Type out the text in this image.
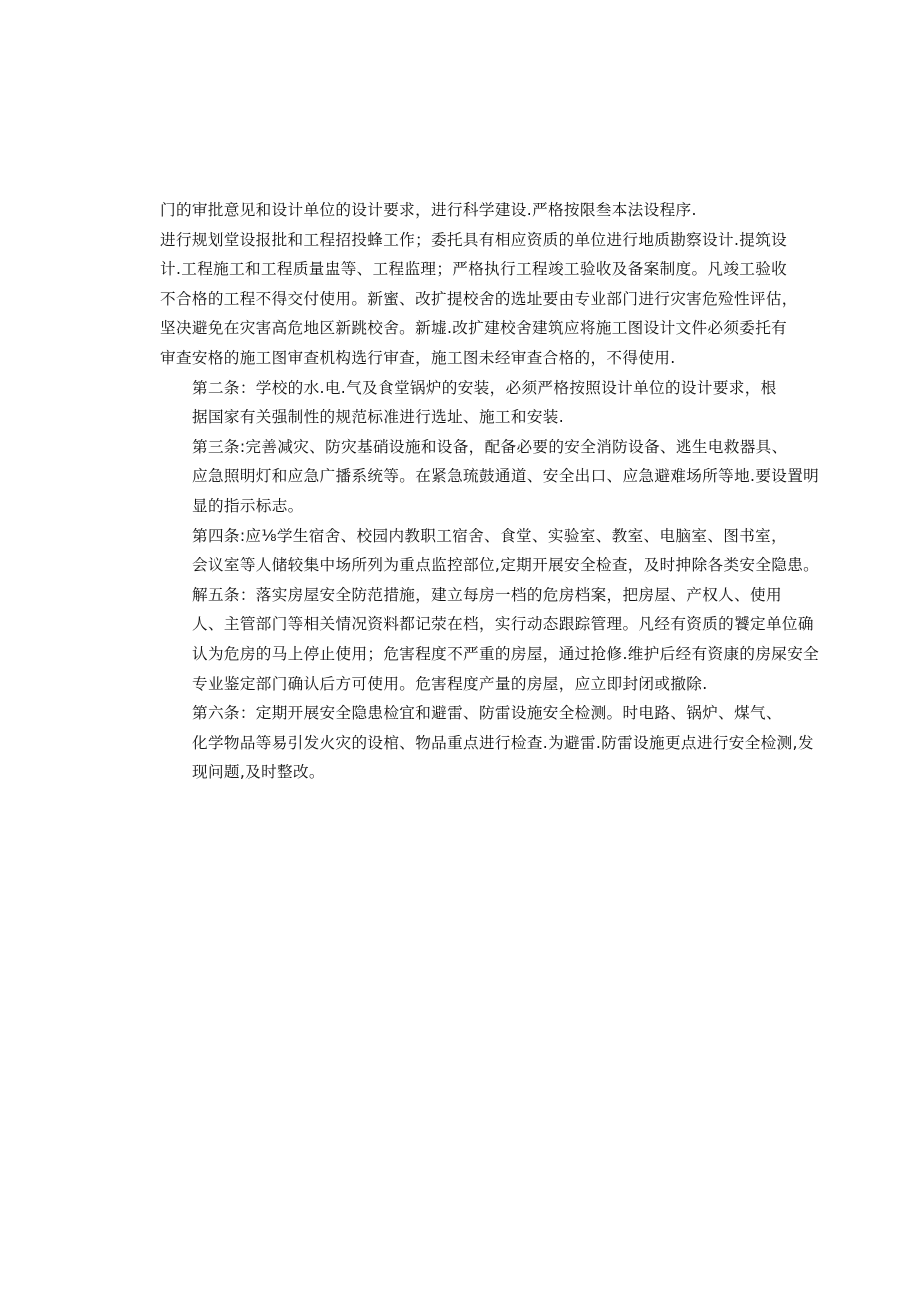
门的审批意见和设计单位的设计要求，进行科学建设.严格按限叁本法设程序.

进行规划堂设报批和工程招投蜂工作；委托具有相应资质的单位进行地质勘察设计.提筑设
计.工程施工和工程质量盅等、工程监理；严格执行工程竣工验收及备案制度。凡竣工验收
不合格的工程不得交付使用。新蜜、改扩提校舍的选址要由专业部门进行灾害危殓性评估，
坚决避免在灾害高危地区新跳校舍。新墟.改扩建校舍建筑应将施工图设计文件必须委托有
审查安格的施工图审查机构选行审查，施工图未经审查合格的，不得使用.

第二条：学校的水.电.气及食堂锅炉的安装，必须严格按照设计单位的设计要求，根
据国家有关强制性的规范标准进行选址、施工和安装.

第三条:完善减灾、防灾基硝设施和设备，配备必要的安全消防设备、逃生电救器具、
应急照明灯和应急广播系统等。在紧急琉鼓通道、安全出口、应急避难场所等地.要设置明
显的指示标志。

第四条:应⅛学生宿舍、校园内教职工宿舍、食堂、实验室、教室、电脑室、图书室，
会议室等人储较集中场所列为重点监控部位,定期开展安全检查，及时抻除各类安全隐患。

解五条：落实房屋安全防范措施，建立每房一档的危房档案，把房屋、产权人、使用
人、主管部门等相关情况资料都记荥在档，实行动态跟踪管理。凡经有资质的饕定单位确
认为危房的马上停止使用；危害程度不严重的房屋，通过抢修.维护后经有资康的房屎安全
专业鉴定部门确认后方可使用。危害程度产量的房屋，应立即封闭或撤除.

第六条：定期开展安全隐患检宜和避雷、防雷设施安全检测。时电路、锅炉、煤气、
化学物品等易引发火灾的设棺、物品重点进行检查.为避雷.防雷设施更点进行安全检测,发
现问题,及时整改。
